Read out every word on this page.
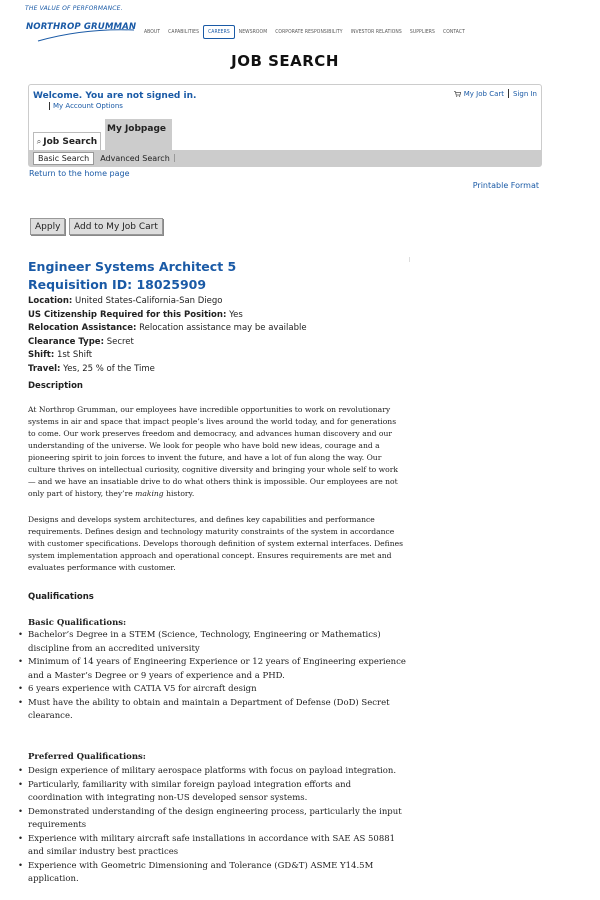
THE VALUE OF PERFORMANCE.
NORTHROP GRUMMAN	ABOUT	CAPABILITIES	CAREERS	NEWSROOM	CORPORATE RESPONSIBILITY	INVESTOR RELATIONS	SUPPLIERS	CONTACT
JOB SEARCH
Welcome. You are not signed in.
My Account Options
My Job Cart Sign In
My Jobpage
⌕ Job Search
Basic Search	Advanced Search
Return to the home page
Printable Format
Apply	Add to My Job Cart
Engineer Systems Architect 5
Requisition ID: 18025909
Location: United States-California-San Diego
US Citizenship Required for this Position: Yes
Relocation Assistance: Relocation assistance may be available
Clearance Type: Secret
Shift: 1st Shift
Travel: Yes, 25 % of the Time
Description
At Northrop Grumman, our employees have incredible opportunities to work on revolutionary systems in air and space that impact people’s lives around the world today, and for generations to come. Our work preserves freedom and democracy, and advances human discovery and our understanding of the universe. We look for people who have bold new ideas, courage and a pioneering spirit to join forces to invent the future, and have a lot of fun along the way. Our culture thrives on intellectual curiosity, cognitive diversity and bringing your whole self to work — and we have an insatiable drive to do what others think is impossible. Our employees are not only part of history, they’re making history.
Designs and develops system architectures, and defines key capabilities and performance requirements. Defines design and technology maturity constraints of the system in accordance with customer specifications. Develops thorough definition of system external interfaces. Defines system implementation approach and operational concept. Ensures requirements are met and evaluates performance with customer.
Qualifications
Basic Qualifications:
• Bachelor’s Degree in a STEM (Science, Technology, Engineering or Mathematics) discipline from an accredited university
• Minimum of 14 years of Engineering Experience or 12 years of Engineering experience and a Master’s Degree or 9 years of experience and a PHD.
• 6 years experience with CATIA V5 for aircraft design
• Must have the ability to obtain and maintain a Department of Defense (DoD) Secret clearance.
Preferred Qualifications:
• Design experience of military aerospace platforms with focus on payload integration.
• Particularly, familiarity with similar foreign payload integration efforts and coordination with integrating non-US developed sensor systems.
• Demonstrated understanding of the design engineering process, particularly the input requirements
• Experience with military aircraft safe installations in accordance with SAE AS 50881 and similar industry best practices
• Experience with Geometric Dimensioning and Tolerance (GD&T) ASME Y14.5M application.
